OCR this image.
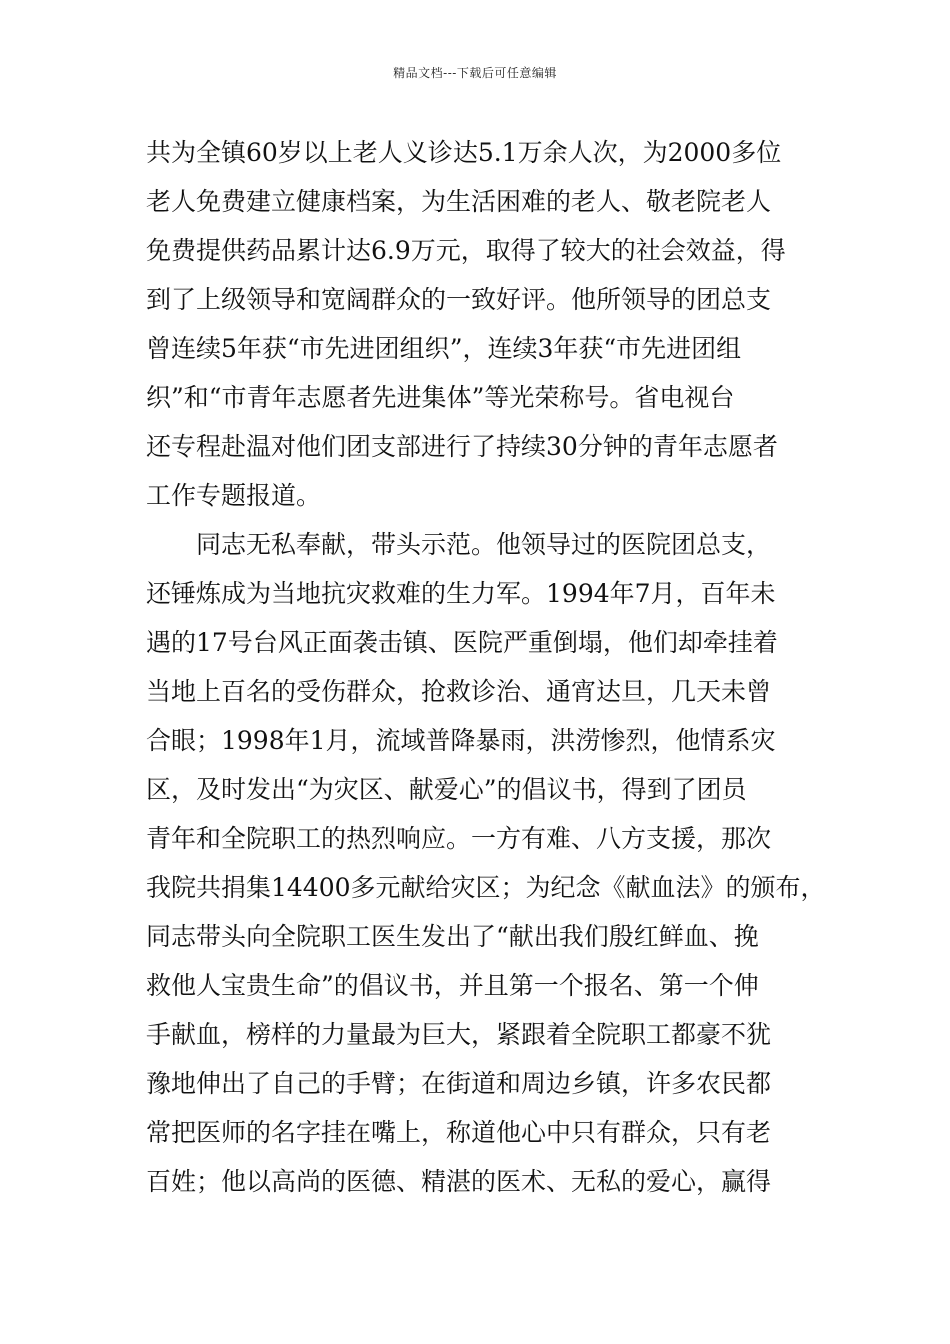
精品文档---下载后可任意编辑
共为全镇60岁以上老人义诊达5.1万余人次，为2000多位
老人免费建立健康档案，为生活困难的老人、敬老院老人
免费提供药品累计达6.9万元，取得了较大的社会效益，得
到了上级领导和宽阔群众的一致好评。他所领导的团总支
曾连续5年获“市先进团组织”，连续3年获“市先进团组
织”和“市青年志愿者先进集体”等光荣称号。省电视台
还专程赴温对他们团支部进行了持续30分钟的青年志愿者
工作专题报道。
　　同志无私奉献，带头示范。他领导过的医院团总支，
还锤炼成为当地抗灾救难的生力军。1994年7月，百年未
遇的17号台风正面袭击镇、医院严重倒塌，他们却牵挂着
当地上百名的受伤群众，抢救诊治、通宵达旦，几天未曾
合眼；1998年1月，流域普降暴雨，洪涝惨烈，他情系灾
区，及时发出“为灾区、献爱心”的倡议书，得到了团员
青年和全院职工的热烈响应。一方有难、八方支援，那次
我院共捐集14400多元献给灾区；为纪念《献血法》的颁布，
同志带头向全院职工医生发出了“献出我们殷红鲜血、挽
救他人宝贵生命”的倡议书，并且第一个报名、第一个伸
手献血，榜样的力量最为巨大，紧跟着全院职工都豪不犹
豫地伸出了自己的手臂；在街道和周边乡镇，许多农民都
常把医师的名字挂在嘴上，称道他心中只有群众，只有老
百姓；他以高尚的医德、精湛的医术、无私的爱心，赢得
